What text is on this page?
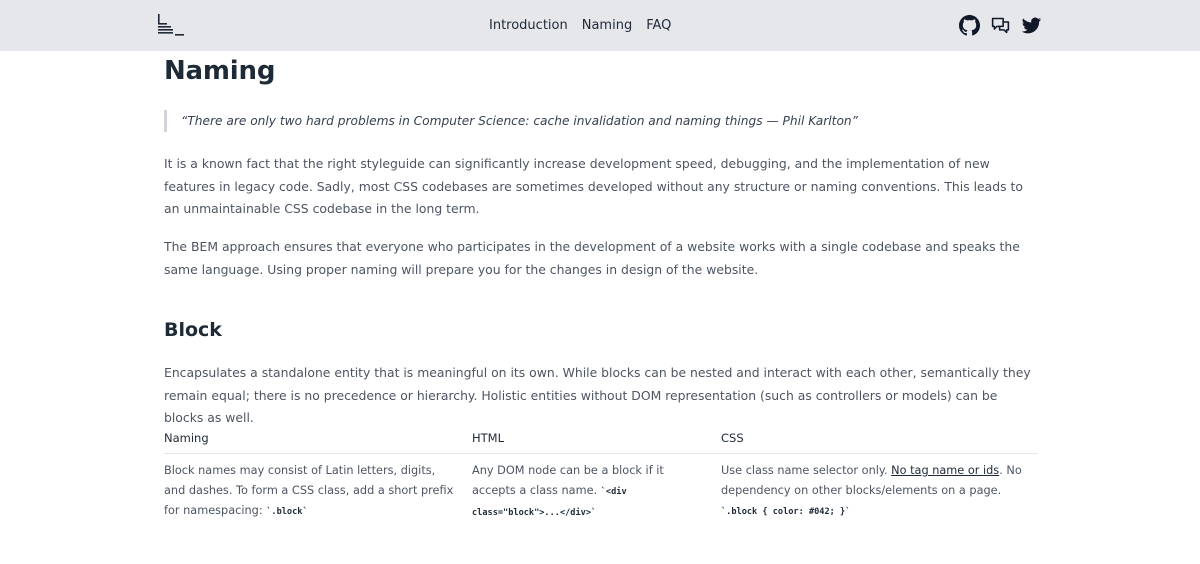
Introduction Naming FAQ
Naming
“There are only two hard problems in Computer Science: cache invalidation and naming things — Phil Karlton”

It is a known fact that the right styleguide can significantly increase development speed, debugging, and the implementation of new features in legacy code. Sadly, most CSS codebases are sometimes developed without any structure or naming conventions. This leads to an unmaintainable CSS codebase in the long term.

The BEM approach ensures that everyone who participates in the development of a website works with a single codebase and speaks the same language. Using proper naming will prepare you for the changes in design of the website.

Block

Encapsulates a standalone entity that is meaningful on its own. While blocks can be nested and interact with each other, semantically they remain equal; there is no precedence or hierarchy. Holistic entities without DOM representation (such as controllers or models) can be blocks as well.

Naming	HTML	CSS
Block names may consist of Latin letters, digits, and dashes. To form a CSS class, add a short prefix for namespacing: `.block`
Any DOM node can be a block if it accepts a class name. `<div class="block">...</div>`
Use class name selector only. No tag name or ids. No dependency on other blocks/elements on a page. `.block { color: #042; }`
